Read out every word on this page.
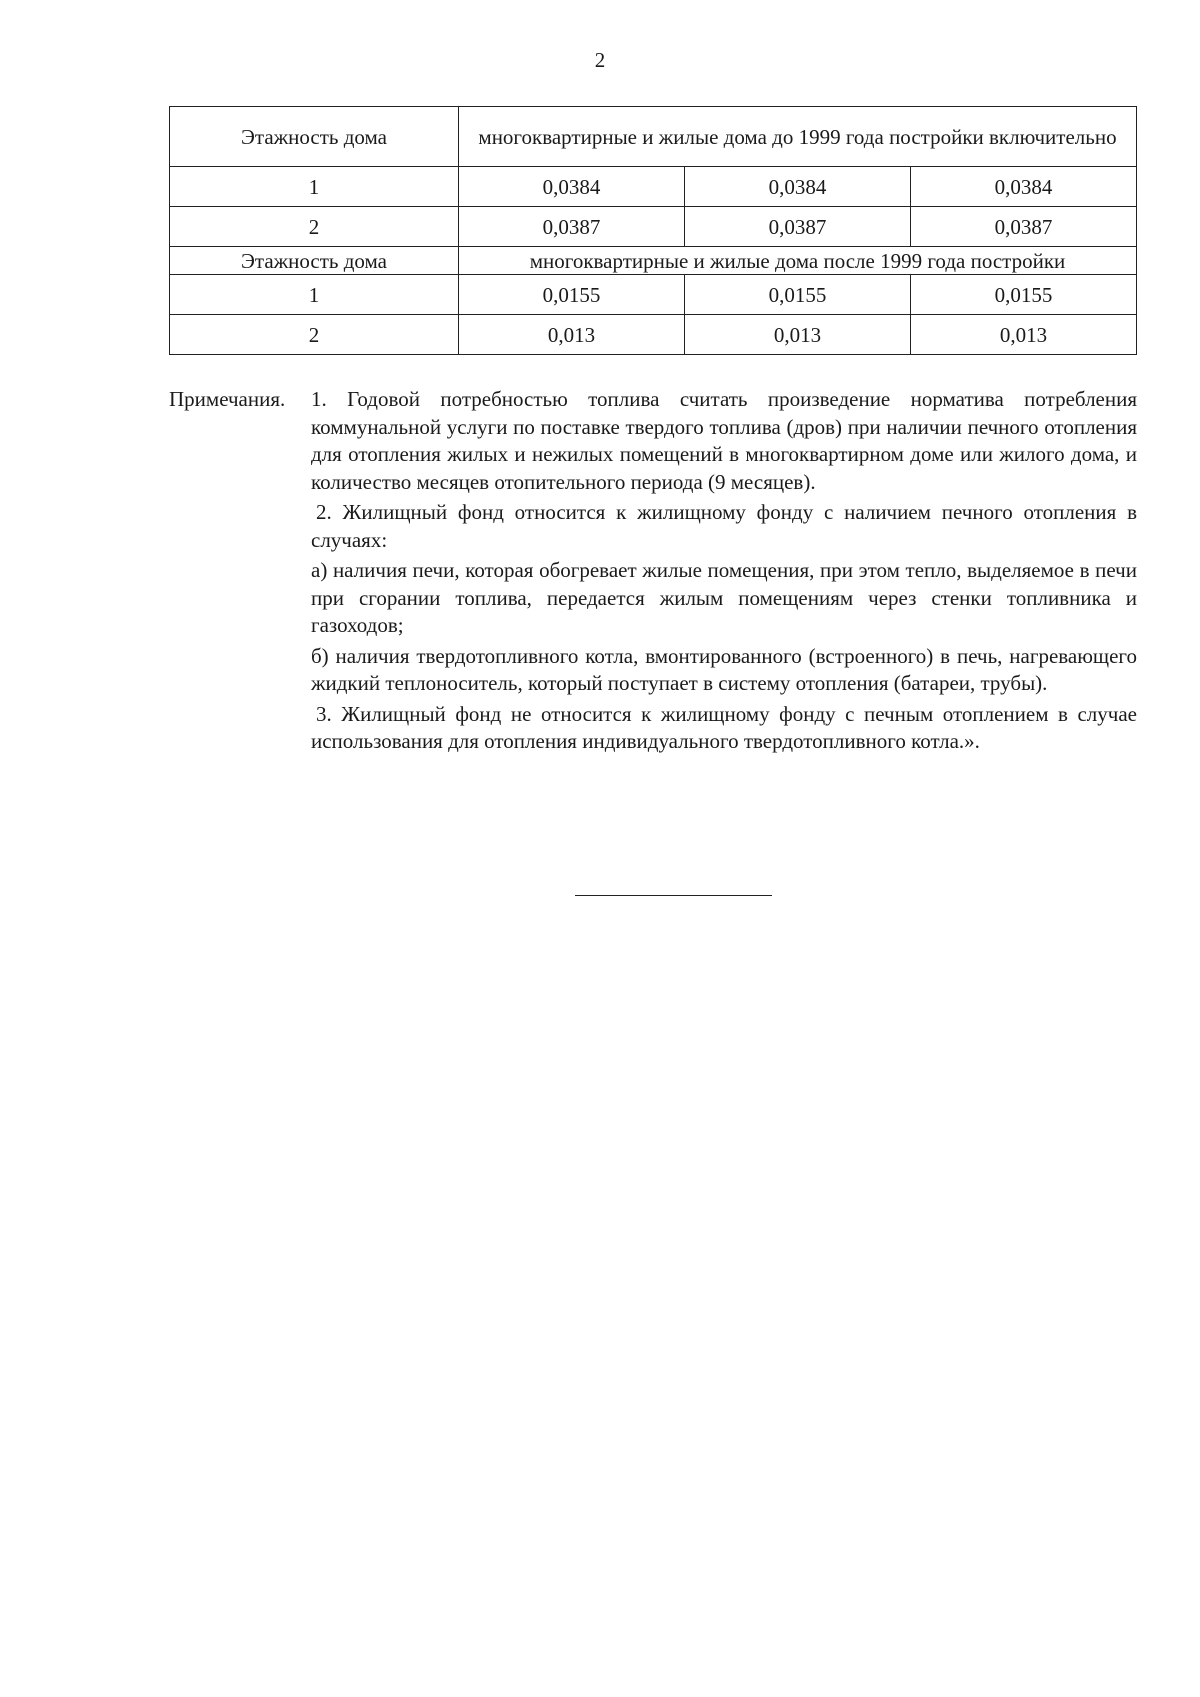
2
Этажность дома	многоквартирные и жилые дома до 1999 года постройки включительно		
1	0,0384	0,0384	0,0384
2	0,0387	0,0387	0,0387
Этажность дома	многоквартирные и жилые дома после 1999 года постройки		
1	0,0155	0,0155	0,0155
2	0,013	0,013	0,013
Примечания. 1. Годовой потребностью топлива считать произведение норматива потребления коммунальной услуги по поставке твердого топлива (дров) при наличии печного отопления для отопления жилых и нежилых помещений в многоквартирном доме или жилого дома, и количество месяцев отопительного периода (9 месяцев).

2. Жилищный фонд относится к жилищному фонду с наличием печного отопления в случаях:

а) наличия печи, которая обогревает жилые помещения, при этом тепло, выделяемое в печи при сгорании топлива, передается жилым помещениям через стенки топливника и газоходов;

б) наличия твердотопливного котла, вмонтированного (встроенного) в печь, нагревающего жидкий теплоноситель, который поступает в систему отопления (батареи, трубы).

3. Жилищный фонд не относится к жилищному фонду с печным отоплением в случае использования для отопления индивидуального твердотопливного котла.».
